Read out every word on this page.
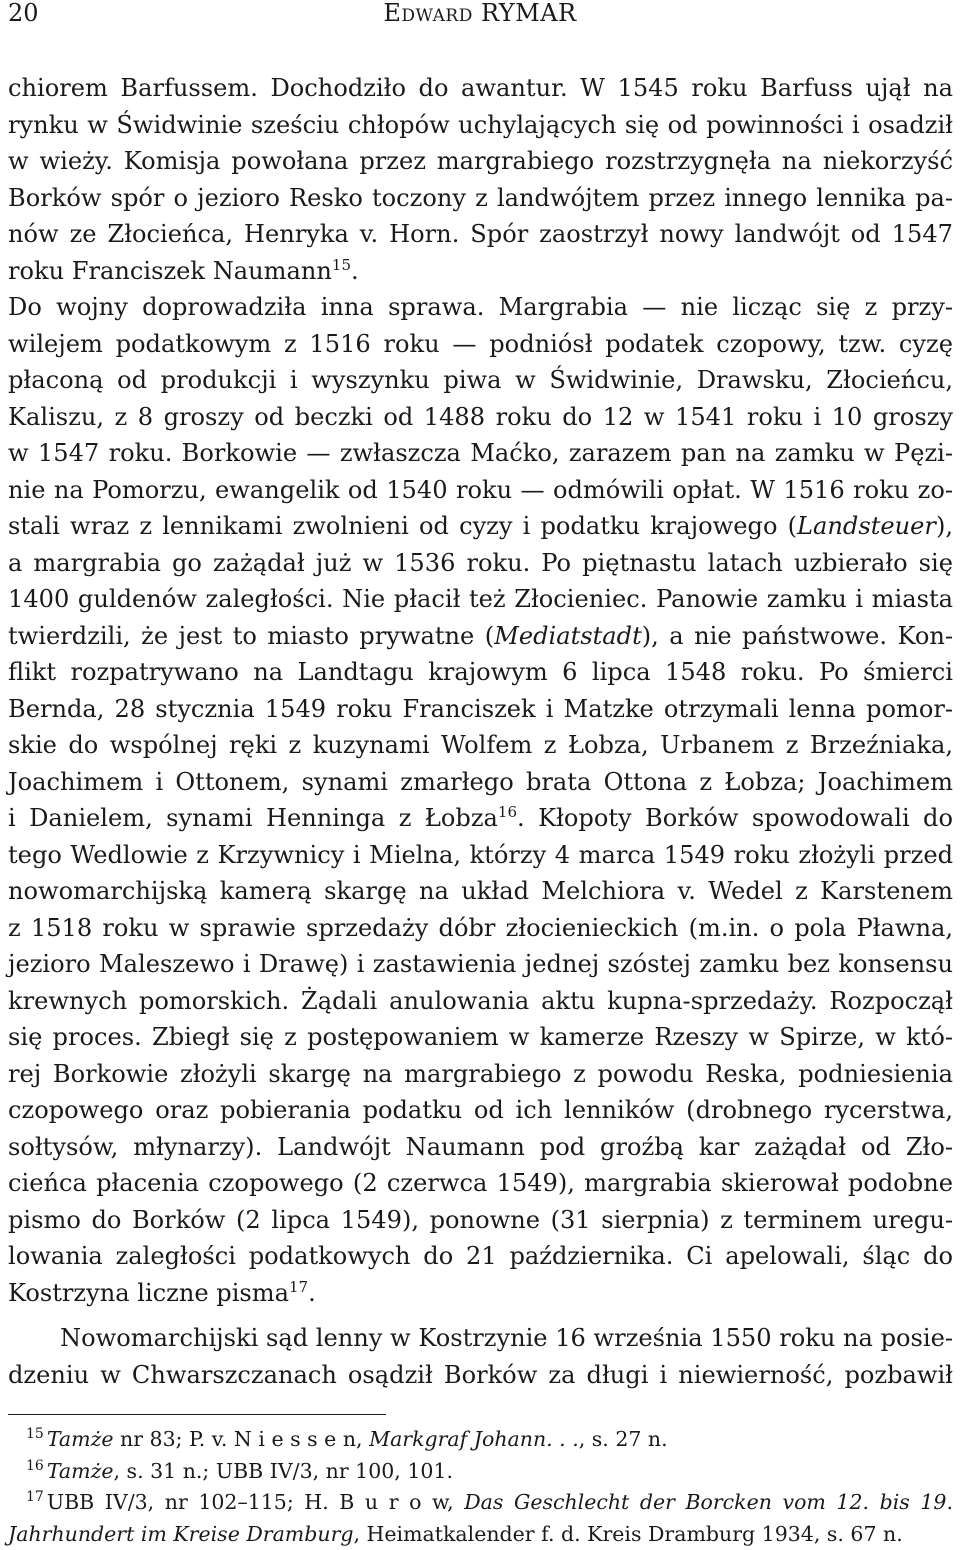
20	Edward RYMAR
chiorem Barfussem. Dochodziło do awantur. W 1545 roku Barfuss ujął na
rynku w Świdwinie sześciu chłopów uchylających się od powinności i osadził
w wieży. Komisja powołana przez margrabiego rozstrzygnęła na niekorzyść
Borków spór o jezioro Resko toczony z landwójtem przez innego lennika pa-
nów ze Złocieńca, Henryka v. Horn. Spór zaostrzył nowy landwójt od 1547
roku Franciszek Naumann$^{15}$.
Do wojny doprowadziła inna sprawa. Margrabia — nie licząc się z przy-
wilejem podatkowym z 1516 roku — podniósł podatek czopowy, tzw. cyzę
płaconą od produkcji i wyszynku piwa w Świdwinie, Drawsku, Złocieńcu,
Kaliszu, z 8 groszy od beczki od 1488 roku do 12 w 1541 roku i 10 groszy
w 1547 roku. Borkowie — zwłaszcza Maćko, zarazem pan na zamku w Pęzi-
nie na Pomorzu, ewangelik od 1540 roku — odmówili opłat. W 1516 roku zo-
stali wraz z lennikami zwolnieni od cyzy i podatku krajowego (Landsteuer),
a margrabia go zażądał już w 1536 roku. Po piętnastu latach uzbierało się
1400 guldenów zaległości. Nie płacił też Złocieniec. Panowie zamku i miasta
twierdzili, że jest to miasto prywatne (Mediatstadt), a nie państwowe. Kon-
flikt rozpatrywano na Landtagu krajowym 6 lipca 1548 roku. Po śmierci
Bernda, 28 stycznia 1549 roku Franciszek i Matzke otrzymali lenna pomor-
skie do wspólnej ręki z kuzynami Wolfem z Łobza, Urbanem z Brzeźniaka,
Joachimem i Ottonem, synami zmarłego brata Ottona z Łobza; Joachimem
i Danielem, synami Henninga z Łobza$^{16}$. Kłopoty Borków spowodowali do
tego Wedlowie z Krzywnicy i Mielna, którzy 4 marca 1549 roku złożyli przed
nowomarchijską kamerą skargę na układ Melchiora v. Wedel z Karstenem
z 1518 roku w sprawie sprzedaży dóbr złocienieckich (m.in. o pola Pławna,
jezioro Maleszewo i Drawę) i zastawienia jednej szóstej zamku bez konsensu
krewnych pomorskich. Żądali anulowania aktu kupna-sprzedaży. Rozpoczął
się proces. Zbiegł się z postępowaniem w kamerze Rzeszy w Spirze, w któ-
rej Borkowie złożyli skargę na margrabiego z powodu Reska, podniesienia
czopowego oraz pobierania podatku od ich lenników (drobnego rycerstwa,
sołtysów, młynarzy). Landwójt Naumann pod groźbą kar zażądał od Zło-
cieńca płacenia czopowego (2 czerwca 1549), margrabia skierował podobne
pismo do Borków (2 lipca 1549), ponowne (31 sierpnia) z terminem uregu-
lowania zaległości podatkowych do 21 października. Ci apelowali, śląc do
Kostrzyna liczne pisma$^{17}$.
Nowomarchijski sąd lenny w Kostrzynie 16 września 1550 roku na posie-
dzeniu w Chwarszczanach osądził Borków za długi i niewierność, pozbawił
$^{15}$ Tamże nr 83; P. v. N i e s s e n, Markgraf Johann. . ., s. 27 n.
$^{16}$ Tamże, s. 31 n.; UBB IV/3, nr 100, 101.
$^{17}$ UBB IV/3, nr 102–115; H. B u r o w, Das Geschlecht der Borcken vom 12. bis 19.
Jahrhundert im Kreise Dramburg, Heimatkalender f. d. Kreis Dramburg 1934, s. 67 n.
